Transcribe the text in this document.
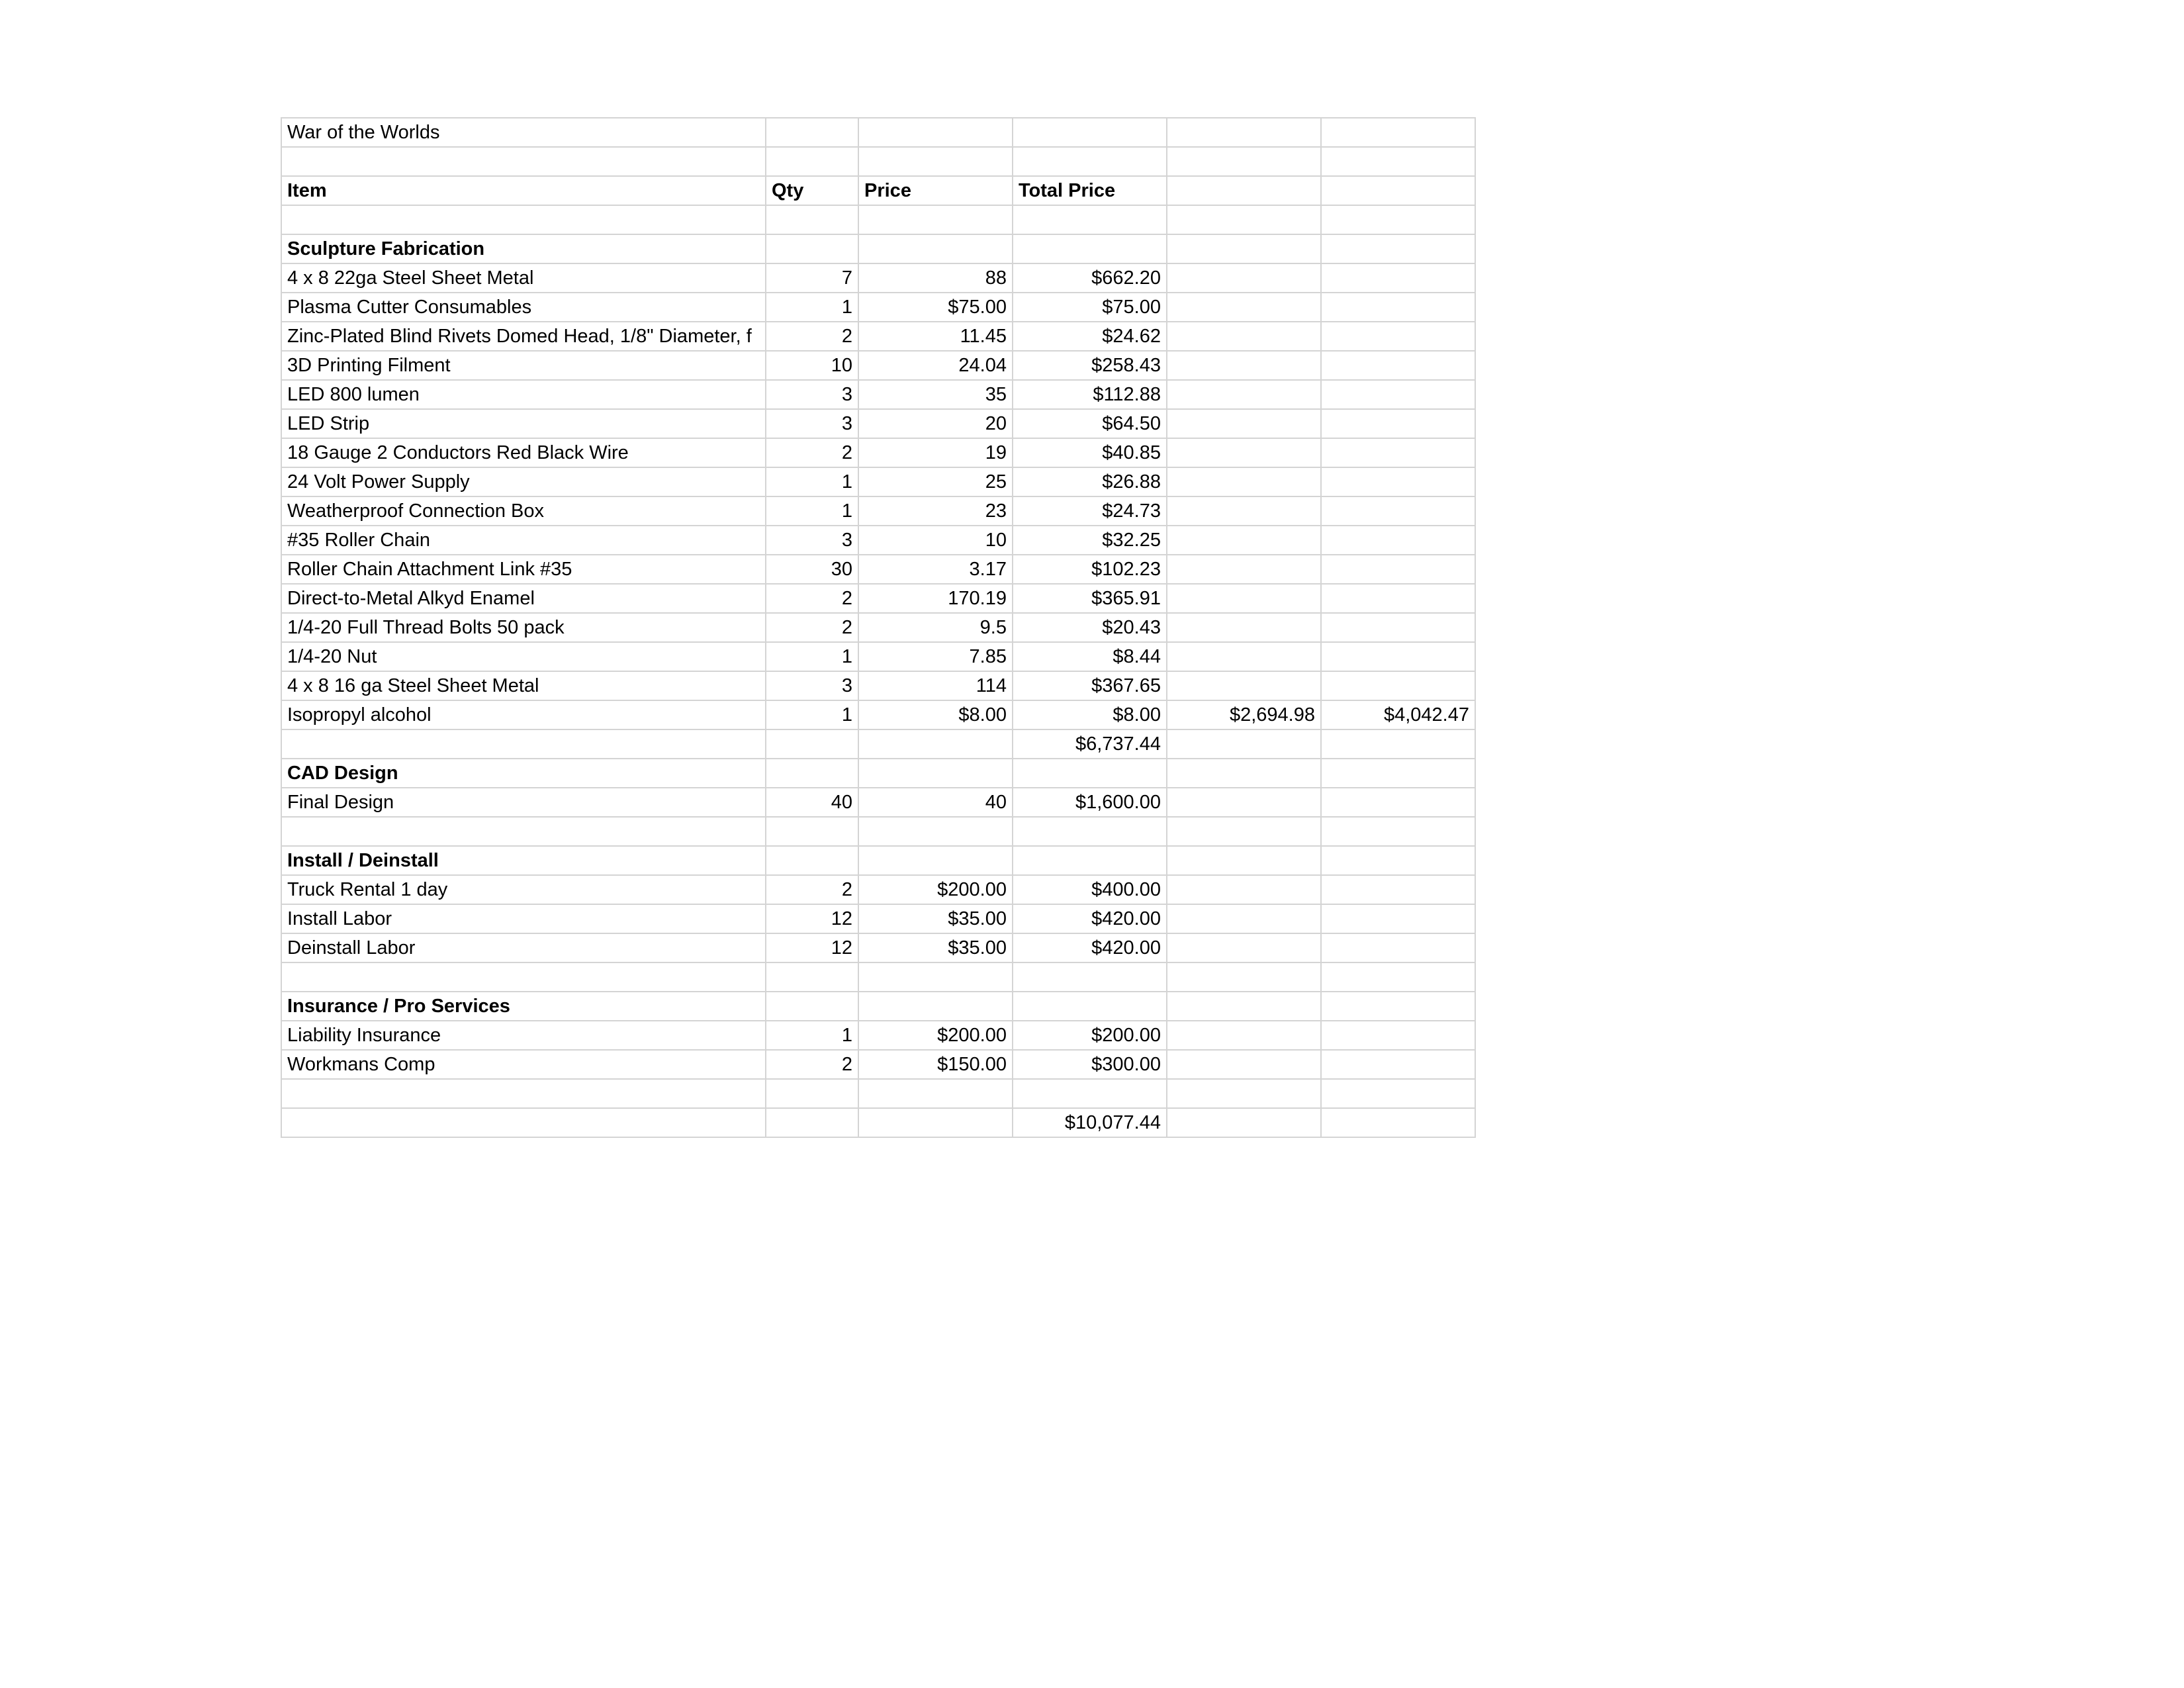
War of the Worlds					

Item	Qty	Price	Total Price		

Sculpture Fabrication					
4 x 8 22ga Steel Sheet Metal	7	88	$662.20		
Plasma Cutter Consumables	1	$75.00	$75.00		
Zinc-Plated Blind Rivets Domed Head, 1/8" Diameter, f	2	11.45	$24.62		
3D Printing Filment	10	24.04	$258.43		
LED 800 lumen	3	35	$112.88		
LED Strip	3	20	$64.50		
18 Gauge 2 Conductors Red Black Wire	2	19	$40.85		
24 Volt Power Supply	1	25	$26.88		
Weatherproof Connection Box	1	23	$24.73		
#35 Roller Chain	3	10	$32.25		
Roller Chain Attachment Link #35	30	3.17	$102.23		
Direct-to-Metal Alkyd Enamel	2	170.19	$365.91		
1/4-20 Full Thread Bolts 50 pack	2	9.5	$20.43		
1/4-20 Nut	1	7.85	$8.44		
4 x 8 16 ga Steel Sheet Metal	3	114	$367.65		
Isopropyl alcohol	1	$8.00	$8.00	$2,694.98	$4,042.47
			$6,737.44		
CAD Design					
Final Design	40	40	$1,600.00		

Install / Deinstall					
Truck Rental 1 day	2	$200.00	$400.00		
Install Labor	12	$35.00	$420.00		
Deinstall Labor	12	$35.00	$420.00		

Insurance / Pro Services					
Liability Insurance	1	$200.00	$200.00		
Workmans Comp	2	$150.00	$300.00		

			$10,077.44		
